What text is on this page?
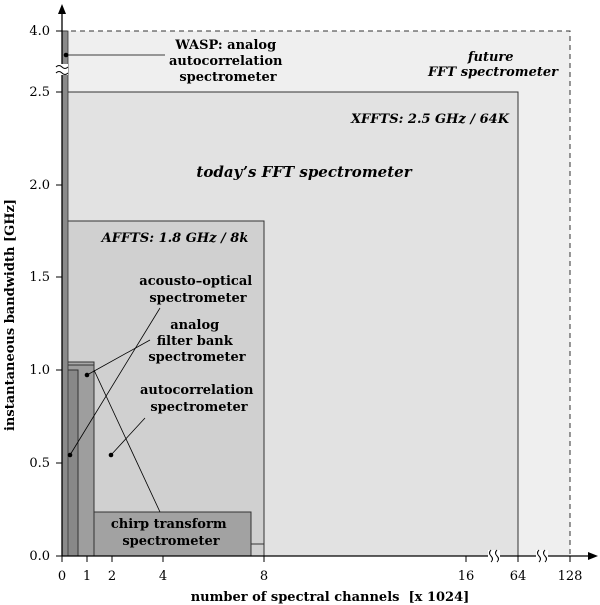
0.0
0.5
1.0
1.5
2.0
2.5
4.0
0 1 2	4	8	16	64 128
number of spectral channels  [x 1024]
instantaneous bandwidth [GHz]
WASP: analog autocorrelation spectrometer
future FFT spectrometer
XFFTS: 2.5 GHz / 64K
today’s FFT spectrometer
AFFTS: 1.8 GHz / 8k
acousto–optical spectrometer
analog filter bank spectrometer
autocorrelation spectrometer
chirp transform spectrometer
